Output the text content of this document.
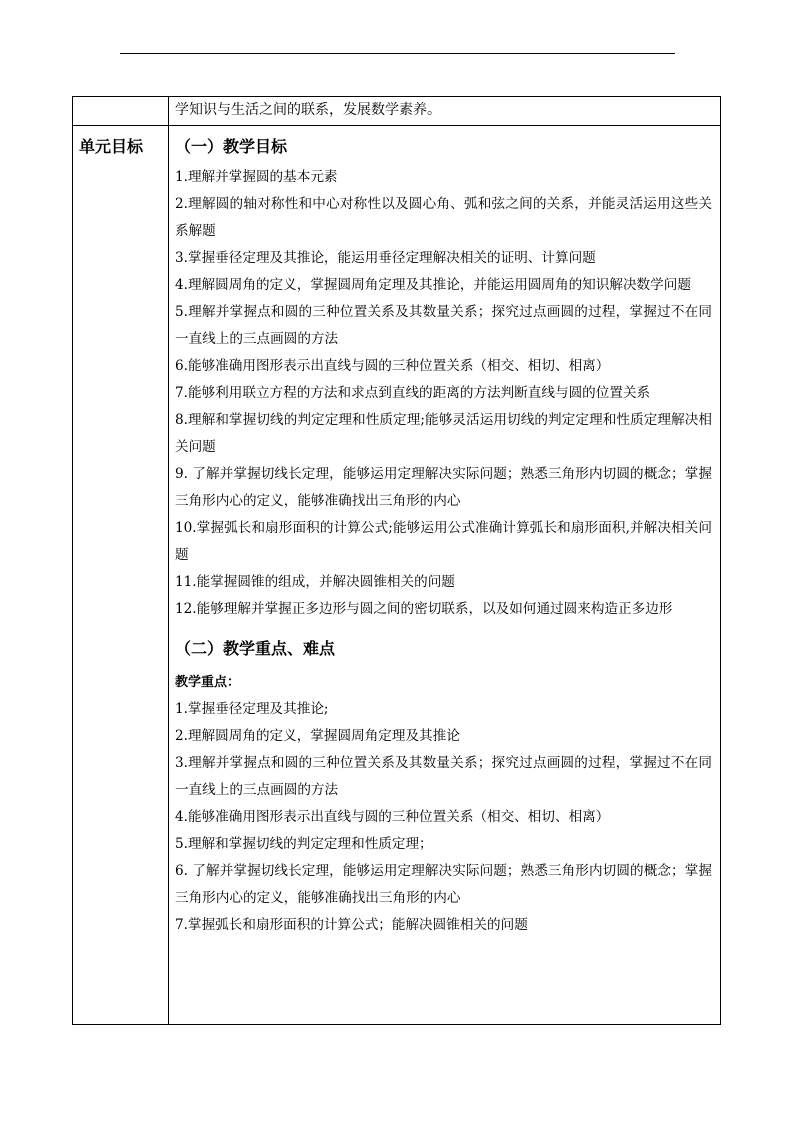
学知识与生活之间的联系，发展数学素养。

单元目标	（一）教学目标

1.理解并掌握圆的基本元素

2.理解圆的轴对称性和中心对称性以及圆心角、弧和弦之间的关系，并能灵活运用这些关系解题

3.掌握垂径定理及其推论，能运用垂径定理解决相关的证明、计算问题

4.理解圆周角的定义，掌握圆周角定理及其推论，并能运用圆周角的知识解决数学问题

5.理解并掌握点和圆的三种位置关系及其数量关系；探究过点画圆的过程，掌握过不在同一直线上的三点画圆的方法

6.能够准确用图形表示出直线与圆的三种位置关系（相交、相切、相离）

7.能够利用联立方程的方法和求点到直线的距离的方法判断直线与圆的位置关系

8.理解和掌握切线的判定定理和性质定理;能够灵活运用切线的判定定理和性质定理解决相关问题

9. 了解并掌握切线长定理，能够运用定理解决实际问题；熟悉三角形内切圆的概念；掌握三角形内心的定义，能够准确找出三角形的内心

10.掌握弧长和扇形面积的计算公式;能够运用公式准确计算弧长和扇形面积,并解决相关问题

11.能掌握圆锥的组成，并解决圆锥相关的问题

12.能够理解并掌握正多边形与圆之间的密切联系，以及如何通过圆来构造正多边形

（二）教学重点、难点

教学重点：

1.掌握垂径定理及其推论;

2.理解圆周角的定义，掌握圆周角定理及其推论

3.理解并掌握点和圆的三种位置关系及其数量关系；探究过点画圆的过程，掌握过不在同一直线上的三点画圆的方法

4.能够准确用图形表示出直线与圆的三种位置关系（相交、相切、相离）

5.理解和掌握切线的判定定理和性质定理；

6. 了解并掌握切线长定理，能够运用定理解决实际问题；熟悉三角形内切圆的概念；掌握三角形内心的定义，能够准确找出三角形的内心

7.掌握弧长和扇形面积的计算公式；能解决圆锥相关的问题
